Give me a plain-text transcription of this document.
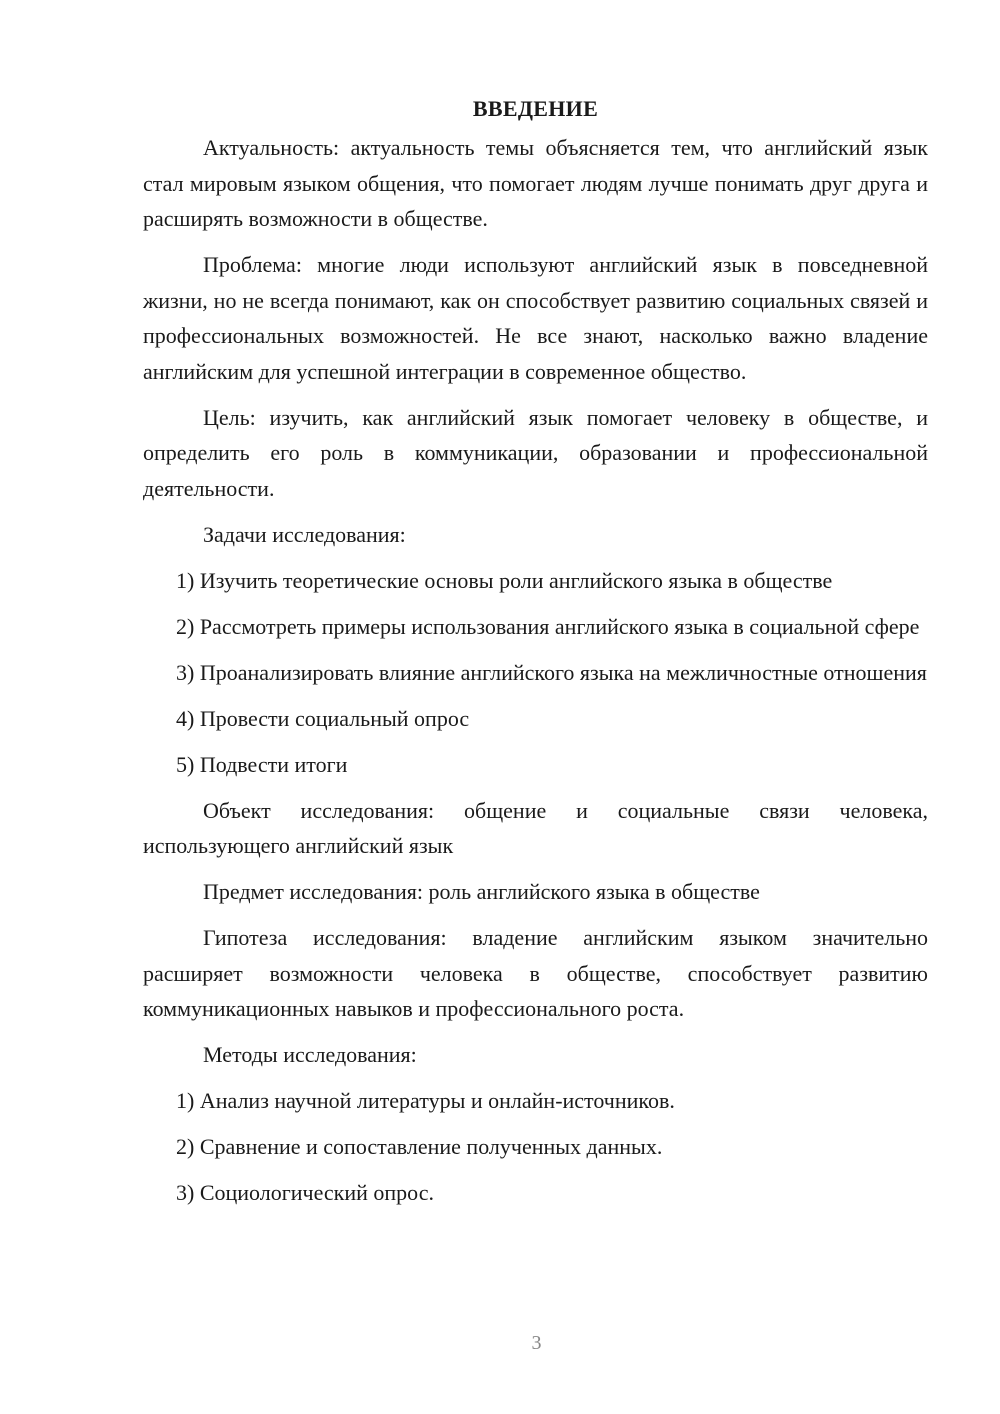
ВВЕДЕНИЕ

Актуальность: актуальность темы объясняется тем, что английский язык стал мировым языком общения, что помогает людям лучше понимать друг друга и расширять возможности в обществе.

Проблема: многие люди используют английский язык в повседневной жизни, но не всегда понимают, как он способствует развитию социальных связей и профессиональных возможностей. Не все знают, насколько важно владение английским для успешной интеграции в современное общество.

Цель: изучить, как английский язык помогает человеку в обществе, и определить его роль в коммуникации, образовании и профессиональной деятельности.

Задачи исследования:

1) Изучить теоретические основы роли английского языка в обществе

2) Рассмотреть примеры использования английского языка в социальной сфере

3) Проанализировать влияние английского языка на межличностные отношения

4) Провести социальный опрос

5) Подвести итоги

Объект исследования: общение и социальные связи человека, использующего английский язык

Предмет исследования: роль английского языка в обществе

Гипотеза исследования: владение английским языком значительно расширяет возможности человека в обществе, способствует развитию коммуникационных навыков и профессионального роста.

Методы исследования:

1) Анализ научной литературы и онлайн-источников.

2) Сравнение и сопоставление полученных данных.

3) Социологический опрос.

3
